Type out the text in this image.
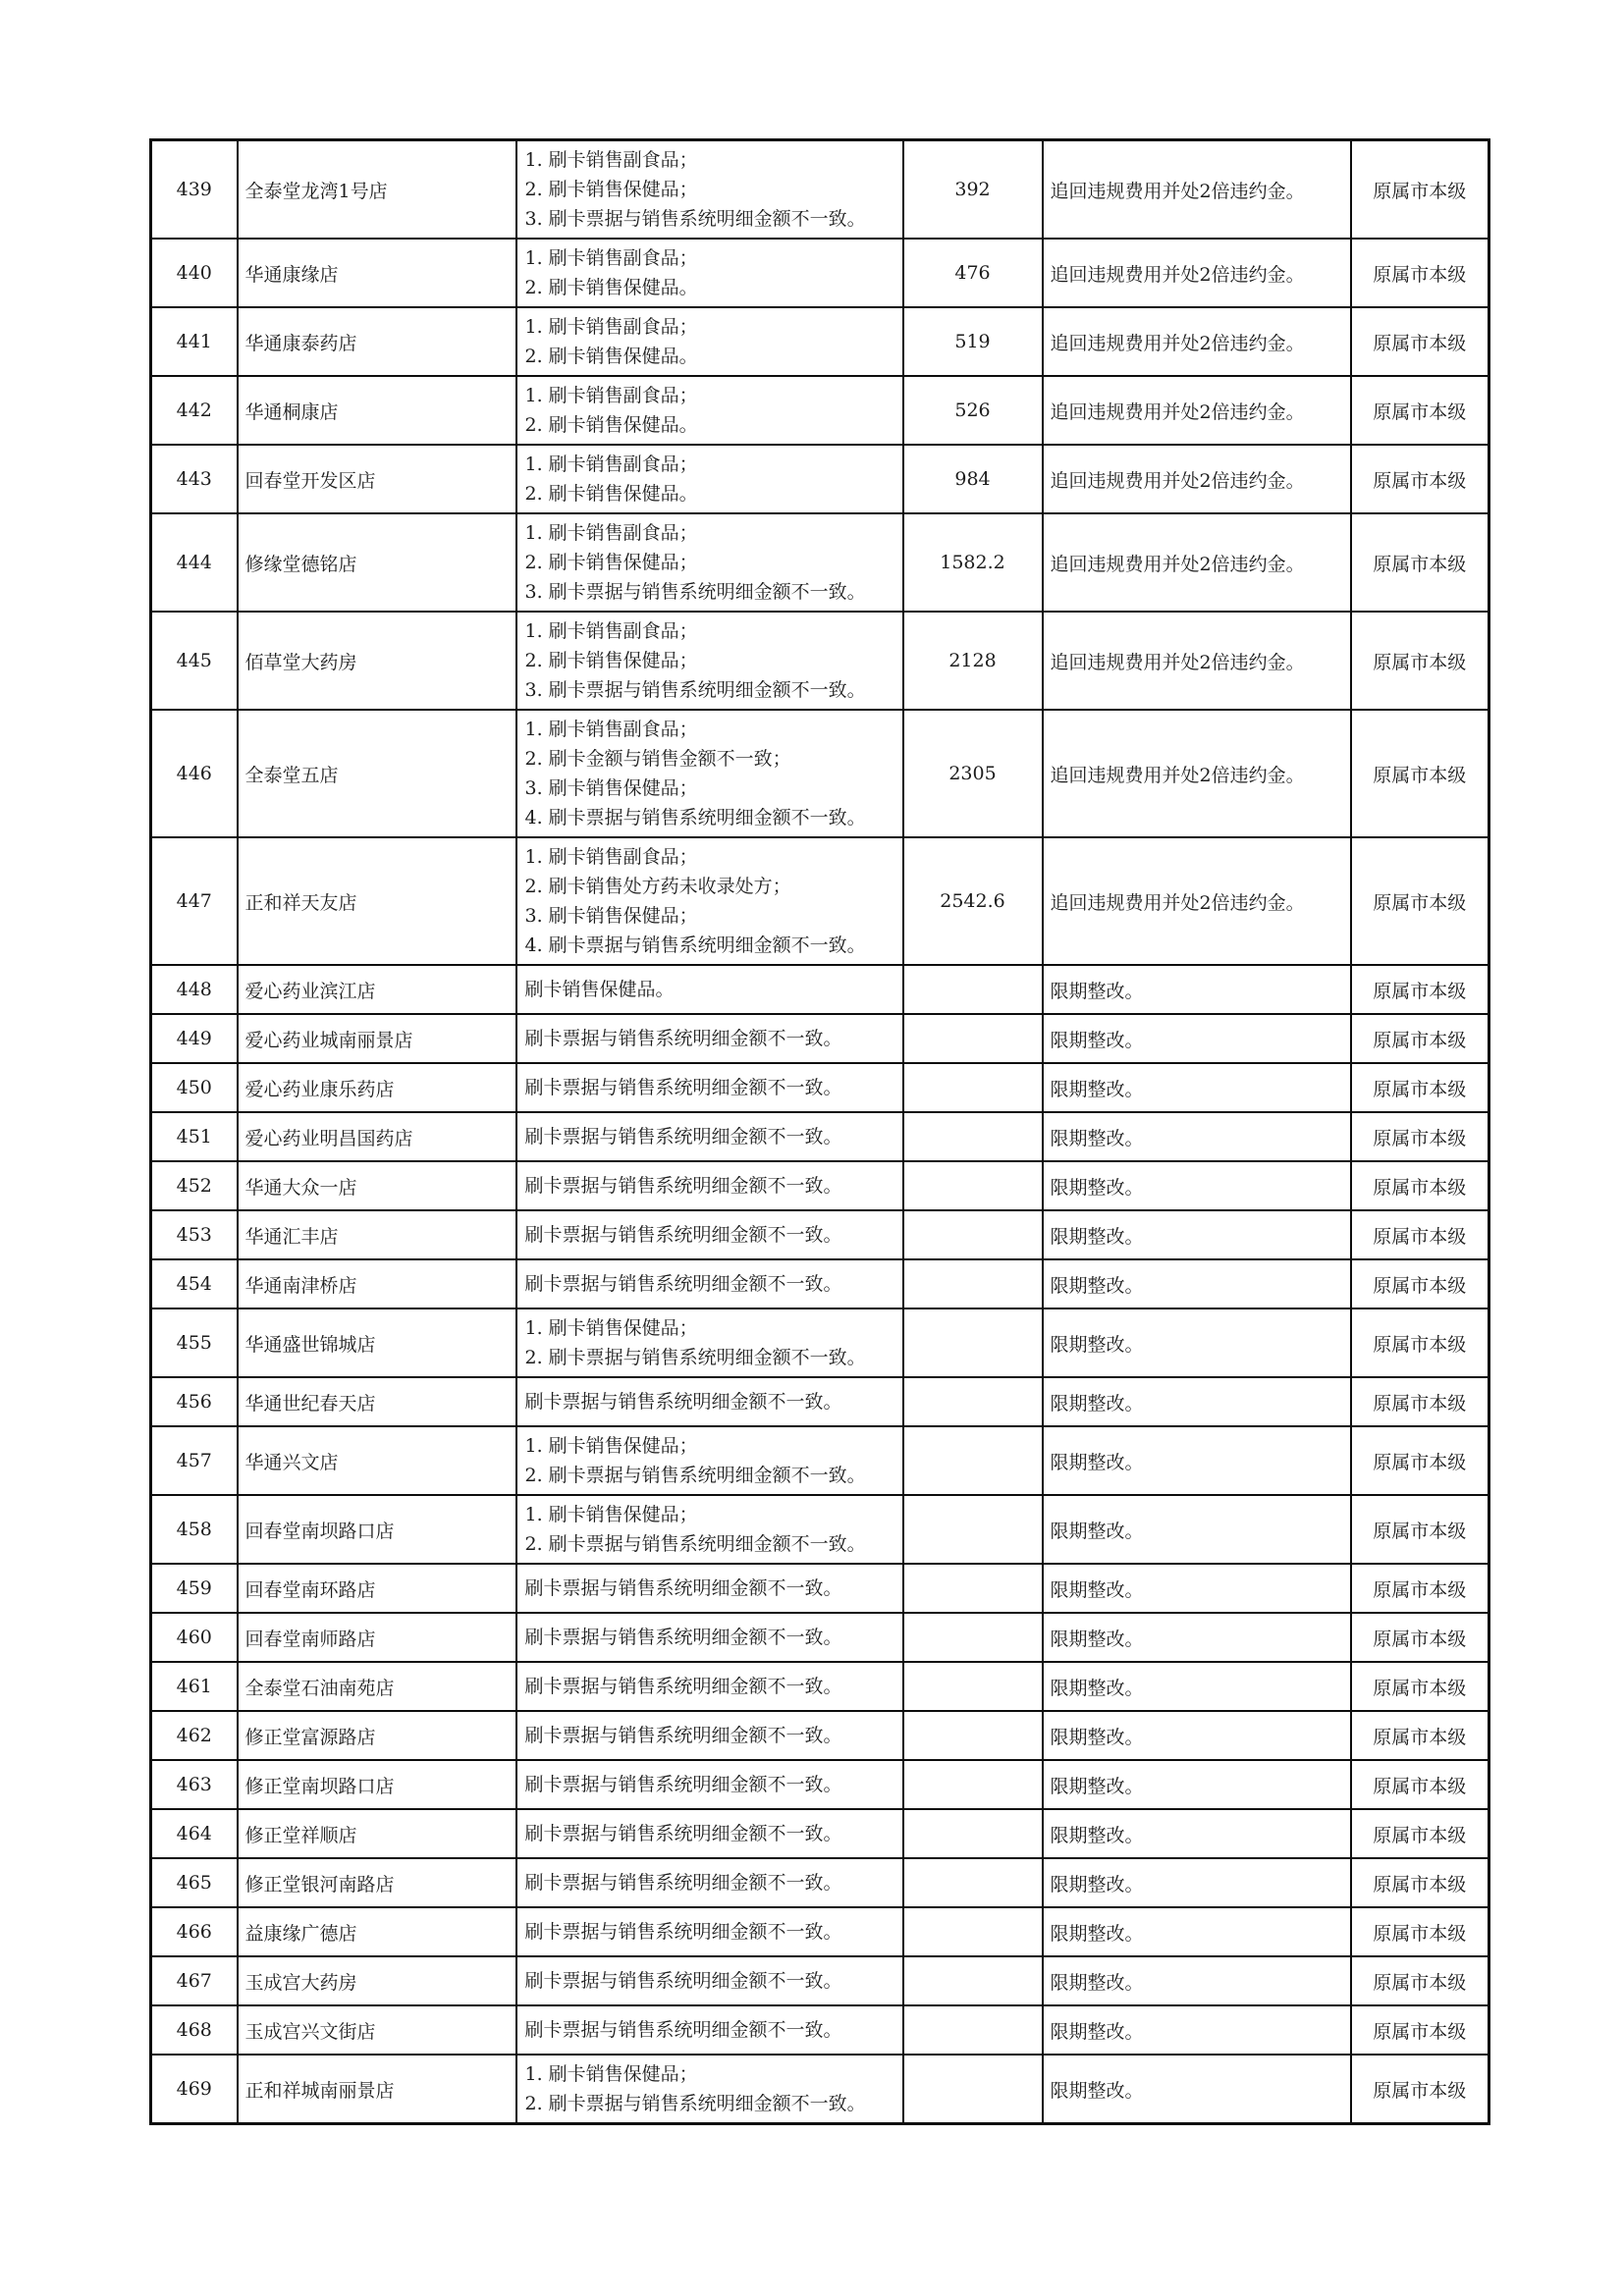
439	全泰堂龙湾1号店	1. 刷卡销售副食品；
2. 刷卡销售保健品；
3. 刷卡票据与销售系统明细金额不一致。	392	追回违规费用并处2倍违约金。	原属市本级
440	华通康缘店	1. 刷卡销售副食品；
2. 刷卡销售保健品。	476	追回违规费用并处2倍违约金。	原属市本级
441	华通康泰药店	1. 刷卡销售副食品；
2. 刷卡销售保健品。	519	追回违规费用并处2倍违约金。	原属市本级
442	华通桐康店	1. 刷卡销售副食品；
2. 刷卡销售保健品。	526	追回违规费用并处2倍违约金。	原属市本级
443	回春堂开发区店	1. 刷卡销售副食品；
2. 刷卡销售保健品。	984	追回违规费用并处2倍违约金。	原属市本级
444	修缘堂德铭店	1. 刷卡销售副食品；
2. 刷卡销售保健品；
3. 刷卡票据与销售系统明细金额不一致。	1582.2	追回违规费用并处2倍违约金。	原属市本级
445	佰草堂大药房	1. 刷卡销售副食品；
2. 刷卡销售保健品；
3. 刷卡票据与销售系统明细金额不一致。	2128	追回违规费用并处2倍违约金。	原属市本级
446	全泰堂五店	1. 刷卡销售副食品；
2. 刷卡金额与销售金额不一致；
3. 刷卡销售保健品；
4. 刷卡票据与销售系统明细金额不一致。	2305	追回违规费用并处2倍违约金。	原属市本级
447	正和祥天友店	1. 刷卡销售副食品；
2. 刷卡销售处方药未收录处方；
3. 刷卡销售保健品；
4. 刷卡票据与销售系统明细金额不一致。	2542.6	追回违规费用并处2倍违约金。	原属市本级
448	爱心药业滨江店	刷卡销售保健品。		限期整改。	原属市本级
449	爱心药业城南丽景店	刷卡票据与销售系统明细金额不一致。		限期整改。	原属市本级
450	爱心药业康乐药店	刷卡票据与销售系统明细金额不一致。		限期整改。	原属市本级
451	爱心药业明昌国药店	刷卡票据与销售系统明细金额不一致。		限期整改。	原属市本级
452	华通大众一店	刷卡票据与销售系统明细金额不一致。		限期整改。	原属市本级
453	华通汇丰店	刷卡票据与销售系统明细金额不一致。		限期整改。	原属市本级
454	华通南津桥店	刷卡票据与销售系统明细金额不一致。		限期整改。	原属市本级
455	华通盛世锦城店	1. 刷卡销售保健品；
2. 刷卡票据与销售系统明细金额不一致。		限期整改。	原属市本级
456	华通世纪春天店	刷卡票据与销售系统明细金额不一致。		限期整改。	原属市本级
457	华通兴文店	1. 刷卡销售保健品；
2. 刷卡票据与销售系统明细金额不一致。		限期整改。	原属市本级
458	回春堂南坝路口店	1. 刷卡销售保健品；
2. 刷卡票据与销售系统明细金额不一致。		限期整改。	原属市本级
459	回春堂南环路店	刷卡票据与销售系统明细金额不一致。		限期整改。	原属市本级
460	回春堂南师路店	刷卡票据与销售系统明细金额不一致。		限期整改。	原属市本级
461	全泰堂石油南苑店	刷卡票据与销售系统明细金额不一致。		限期整改。	原属市本级
462	修正堂富源路店	刷卡票据与销售系统明细金额不一致。		限期整改。	原属市本级
463	修正堂南坝路口店	刷卡票据与销售系统明细金额不一致。		限期整改。	原属市本级
464	修正堂祥顺店	刷卡票据与销售系统明细金额不一致。		限期整改。	原属市本级
465	修正堂银河南路店	刷卡票据与销售系统明细金额不一致。		限期整改。	原属市本级
466	益康缘广德店	刷卡票据与销售系统明细金额不一致。		限期整改。	原属市本级
467	玉成宫大药房	刷卡票据与销售系统明细金额不一致。		限期整改。	原属市本级
468	玉成宫兴文街店	刷卡票据与销售系统明细金额不一致。		限期整改。	原属市本级
469	正和祥城南丽景店	1. 刷卡销售保健品；
2. 刷卡票据与销售系统明细金额不一致。		限期整改。	原属市本级
